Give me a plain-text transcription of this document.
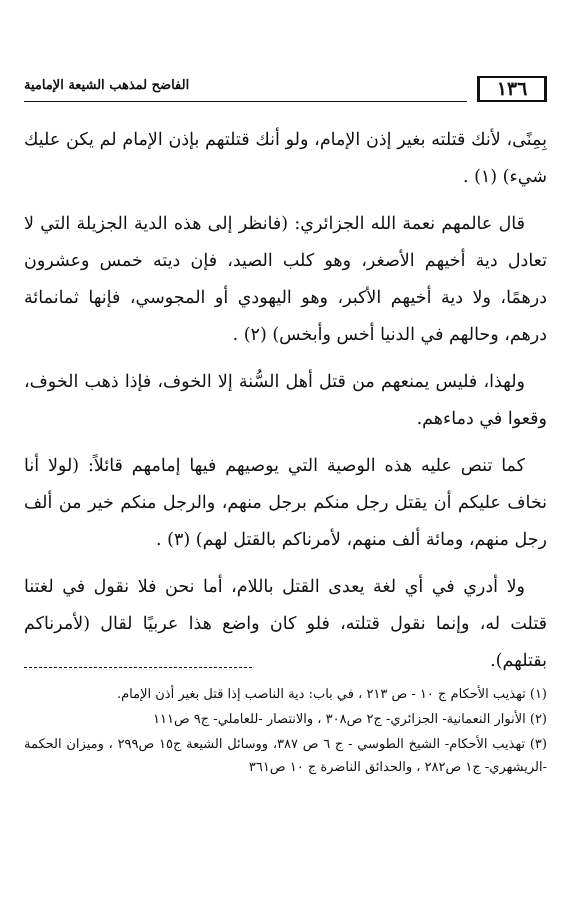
١٣٦
الفاضح لمذهب الشيعة الإمامية

بِمِنًى، لأنك قتلته بغير إذن الإمام، ولو أنك قتلتهم بإذن الإمام لم يكن عليك شيء) (١) .

قال عالمهم نعمة الله الجزائري: (فانظر إلى هذه الدية الجزيلة التي لا تعادل دية أخيهم الأصغر، وهو كلب الصيد، فإن ديته خمس وعشرون درهمًا، ولا دية أخيهم الأكبر، وهو اليهودي أو المجوسي، فإنها ثمانمائة درهم، وحالهم في الدنيا أخس وأبخس) (٢) .

ولهذا، فليس يمنعهم من قتل أهل السُّنة إلا الخوف، فإذا ذهب الخوف، وقعوا في دماءهم.

كما تنص عليه هذه الوصية التي يوصيهم فيها إمامهم قائلاً: (لولا أنا نخاف عليكم أن يقتل رجل منكم برجل منهم، والرجل منكم خير من ألف رجل منهم، ومائة ألف منهم، لأمرناكم بالقتل لهم) (٣) .

ولا أدري في أي لغة يعدى القتل باللام، أما نحن فلا نقول في لغتنا قتلت له، وإنما نقول قتلته، فلو كان واضع هذا عربيًا لقال (لأمرناكم بقتلهم).

(١) تهذيب الأحكام ج ١٠ - ص ٢١٣ ، في باب: دية الناصب إذا قتل بغير أذن الإمام.

(٢) الأنوار النعمانية- الجزائري- ج٢ ص٣٠٨ ، والانتصار -للعاملي- ج٩ ص١١١

(٣) تهذيب الأحكام- الشيخ الطوسي - ج ٦ ص ٣٨٧، ووسائل الشيعة ج١٥ ص٢٩٩ ، وميزان الحكمة -الريشهري- ج١ ص٢٨٢ ، والحدائق الناضرة ج ١٠ ص٣٦١
